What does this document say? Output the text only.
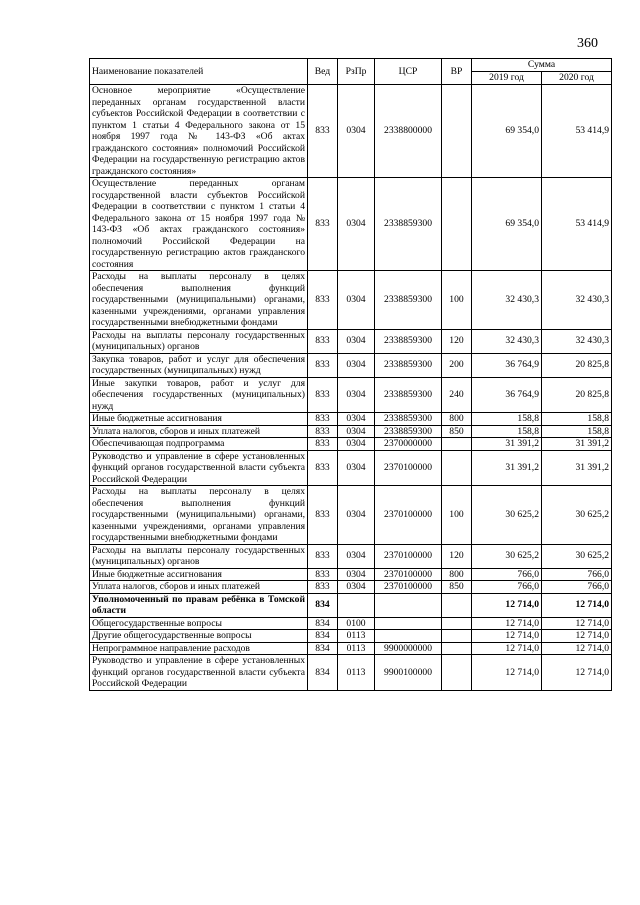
360
Наименование показателей	Вед	РзПр	ЦСР	ВР	Сумма	
					2019 год	2020 год
Основное мероприятие «Осуществление переданных органам государственной власти субъектов Российской Федерации в соответствии с пунктом 1 статьи 4 Федерального закона от 15 ноября 1997 года № 143-ФЗ «Об актах гражданского состояния» полномочий Российской Федерации на государственную регистрацию актов гражданского состояния»	833	0304	2338800000		69 354,0	53 414,9
Осуществление переданных органам государственной власти субъектов Российской Федерации в соответствии с пунктом 1 статьи 4 Федерального закона от 15 ноября 1997 года № 143-ФЗ «Об актах гражданского состояния» полномочий Российской Федерации на государственную регистрацию актов гражданского состояния	833	0304	2338859300		69 354,0	53 414,9
Расходы на выплаты персоналу в целях обеспечения выполнения функций государственными (муниципальными) органами, казенными учреждениями, органами управления государственными внебюджетными фондами	833	0304	2338859300	100	32 430,3	32 430,3
Расходы на выплаты персоналу государственных (муниципальных) органов	833	0304	2338859300	120	32 430,3	32 430,3
Закупка товаров, работ и услуг для обеспечения государственных (муниципальных) нужд	833	0304	2338859300	200	36 764,9	20 825,8
Иные закупки товаров, работ и услуг для обеспечения государственных (муниципальных) нужд	833	0304	2338859300	240	36 764,9	20 825,8
Иные бюджетные ассигнования	833	0304	2338859300	800	158,8	158,8
Уплата налогов, сборов и иных платежей	833	0304	2338859300	850	158,8	158,8
Обеспечивающая подпрограмма	833	0304	2370000000		31 391,2	31 391,2
Руководство и управление в сфере установленных функций органов государственной власти субъекта Российской Федерации	833	0304	2370100000		31 391,2	31 391,2
Расходы на выплаты персоналу в целях обеспечения выполнения функций государственными (муниципальными) органами, казенными учреждениями, органами управления государственными внебюджетными фондами	833	0304	2370100000	100	30 625,2	30 625,2
Расходы на выплаты персоналу государственных (муниципальных) органов	833	0304	2370100000	120	30 625,2	30 625,2
Иные бюджетные ассигнования	833	0304	2370100000	800	766,0	766,0
Уплата налогов, сборов и иных платежей	833	0304	2370100000	850	766,0	766,0
Уполномоченный по правам ребёнка в Томской области	834				12 714,0	12 714,0
Общегосударственные вопросы	834	0100			12 714,0	12 714,0
Другие общегосударственные вопросы	834	0113			12 714,0	12 714,0
Непрограммное направление расходов	834	0113	9900000000		12 714,0	12 714,0
Руководство и управление в сфере установленных функций органов государственной власти субъекта Российской Федерации	834	0113	9900100000		12 714,0	12 714,0
